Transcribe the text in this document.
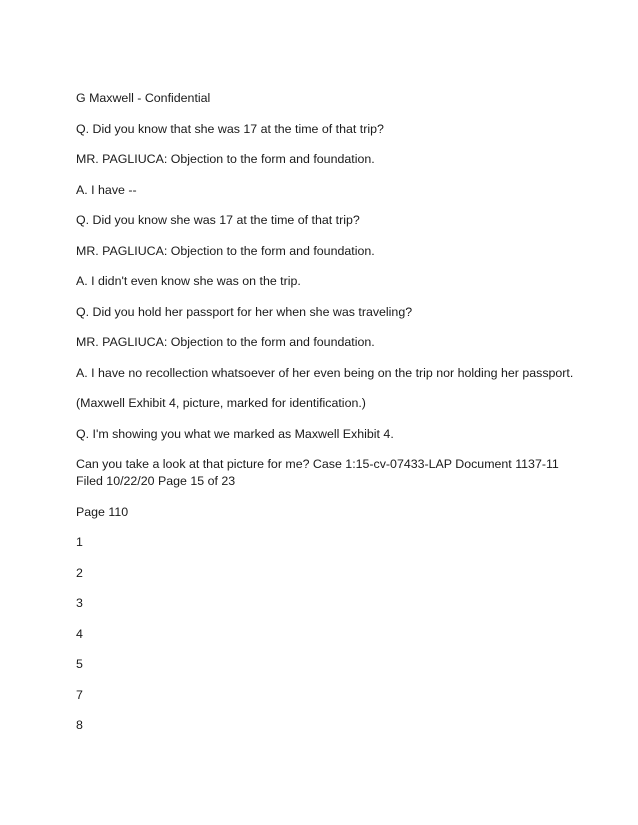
G Maxwell - Confidential

Q. Did you know that she was 17 at the time of that trip?

MR. PAGLIUCA: Objection to the form and foundation.

A. I have --

Q. Did you know she was 17 at the time of that trip?

MR. PAGLIUCA: Objection to the form and foundation.

A. I didn't even know she was on the trip.

Q. Did you hold her passport for her when she was traveling?

MR. PAGLIUCA: Objection to the form and foundation.

A. I have no recollection whatsoever of her even being on the trip nor holding her passport.

(Maxwell Exhibit 4, picture, marked for identification.)

Q. I'm showing you what we marked as Maxwell Exhibit 4.

Can you take a look at that picture for me? Case 1:15-cv-07433-LAP Document 1137-11 Filed 10/22/20 Page 15 of 23

Page 110

1

2

3

4

5

7

8
